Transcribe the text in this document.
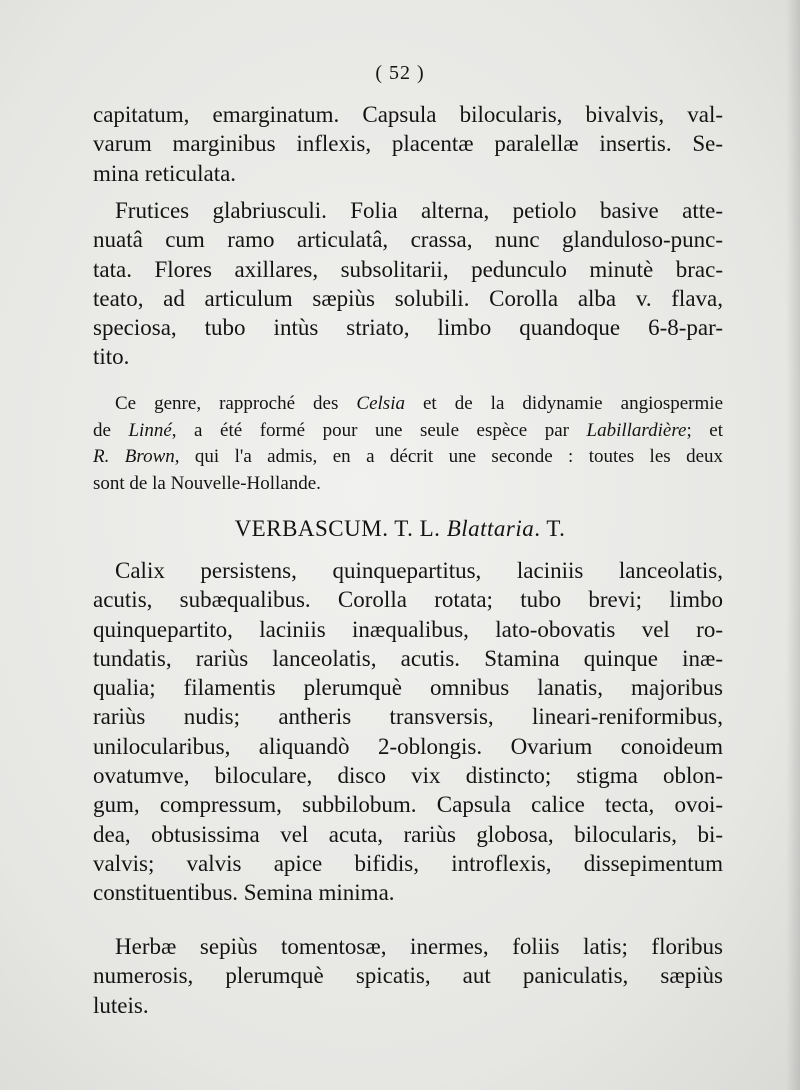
( 52 )
capitatum, emarginatum. Capsula bilocularis, bivalvis, val-
varum marginibus inflexis, placentæ paralellæ insertis. Se-
mina reticulata.
Frutices glabriusculi. Folia alterna, petiolo basive atte-
nuatâ cum ramo articulatâ, crassa, nunc glanduloso-punc-
tata. Flores axillares, subsolitarii, pedunculo minutè brac-
teato, ad articulum sæpiùs solubili. Corolla alba v. flava,
speciosa, tubo intùs striato, limbo quandoque 6-8-par-
tito.
Ce genre, rapproché des Celsia et de la didynamie angiospermie
de Linné, a été formé pour une seule espèce par Labillardière; et
R. Brown, qui l'a admis, en a décrit une seconde : toutes les deux
sont de la Nouvelle-Hollande.
VERBASCUM. T. L. Blattaria. T.
Calix persistens, quinquepartitus, laciniis lanceolatis,
acutis, subæqualibus. Corolla rotata; tubo brevi; limbo
quinquepartito, laciniis inæqualibus, lato-obovatis vel ro-
tundatis, rariùs lanceolatis, acutis. Stamina quinque inæ-
qualia; filamentis plerumquè omnibus lanatis, majoribus
rariùs nudis; antheris transversis, lineari-reniformibus,
unilocularibus, aliquandò 2-oblongis. Ovarium conoideum
ovatumve, biloculare, disco vix distincto; stigma oblon-
gum, compressum, subbilobum. Capsula calice tecta, ovoi-
dea, obtusissima vel acuta, rariùs globosa, bilocularis, bi-
valvis; valvis apice bifidis, introflexis, dissepimentum
constituentibus. Semina minima.
Herbæ sepiùs tomentosæ, inermes, foliis latis; floribus
numerosis, plerumquè spicatis, aut paniculatis, sæpiùs
luteis.
